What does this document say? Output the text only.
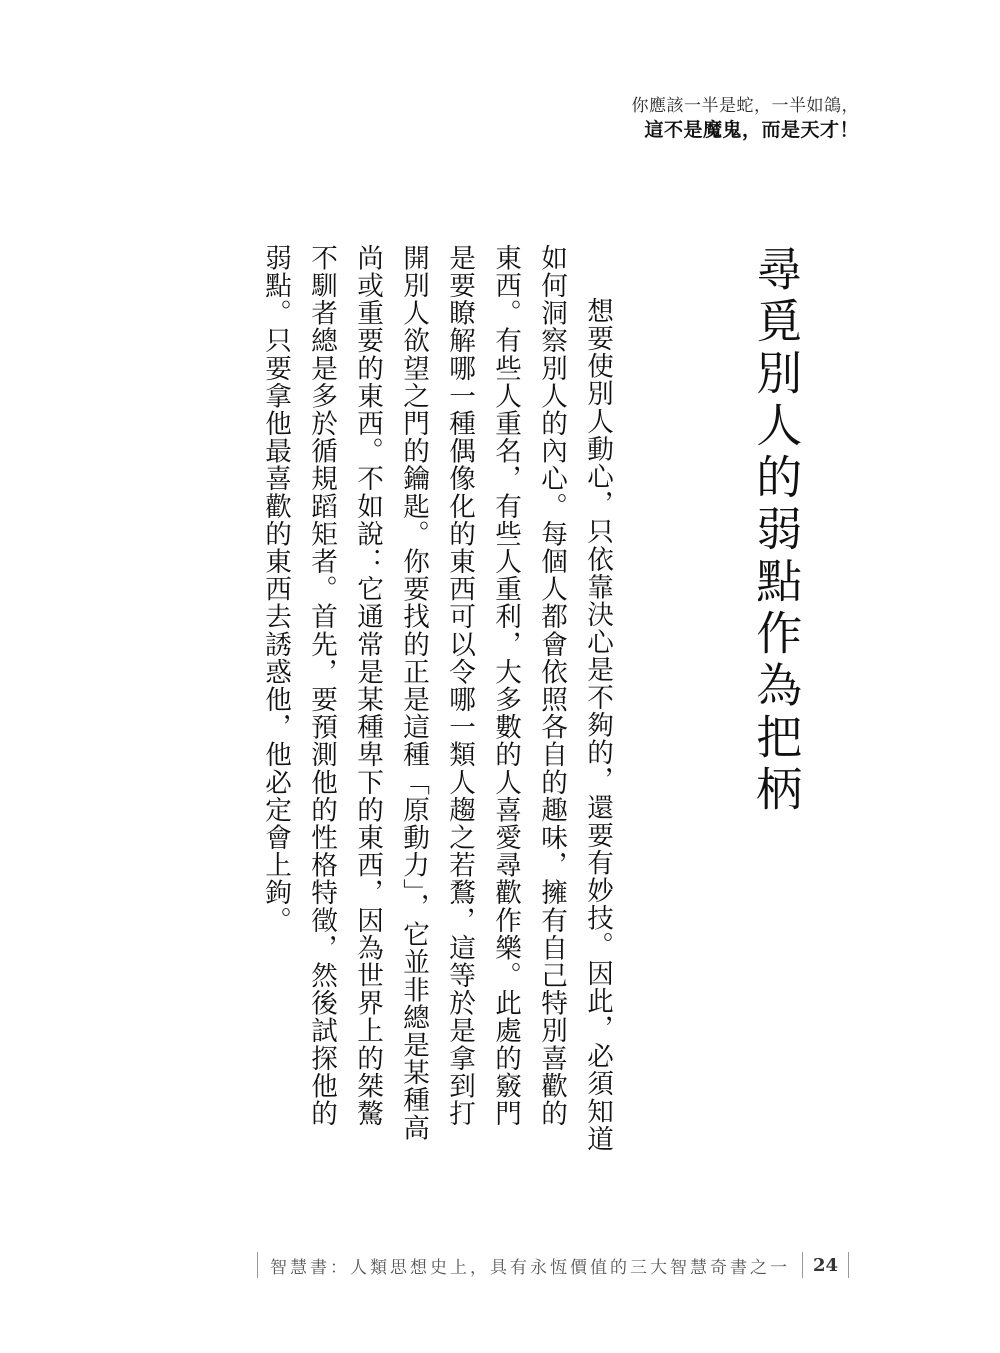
你應該一半是蛇，一半如鴿，
這不是魔鬼，而是天才！
尋覓別人的弱點作為把柄

想要使別人動心，只依靠決心是不夠的，還要有妙技。因此，必須知道如何洞察別人的內心。每個人都會依照各自的趣味，擁有自己特別喜歡的東西。有些人重名，有些人重利，大多數的人喜愛尋歡作樂。此處的竅門是要瞭解哪一種偶像化的東西可以令哪一類人趨之若鶩，這等於是拿到打開別人欲望之門的鑰匙。你要找的正是這種「原動力」，它並非總是某種高尚或重要的東西。不如說：它通常是某種卑下的東西，因為世界上的桀驁不馴者總是多於循規蹈矩者。首先，要預測他的性格特徵，然後試探他的弱點。只要拿他最喜歡的東西去誘惑他，他必定會上鉤。

智慧書：人類思想史上，具有永恆價值的三大智慧奇書之一	24
